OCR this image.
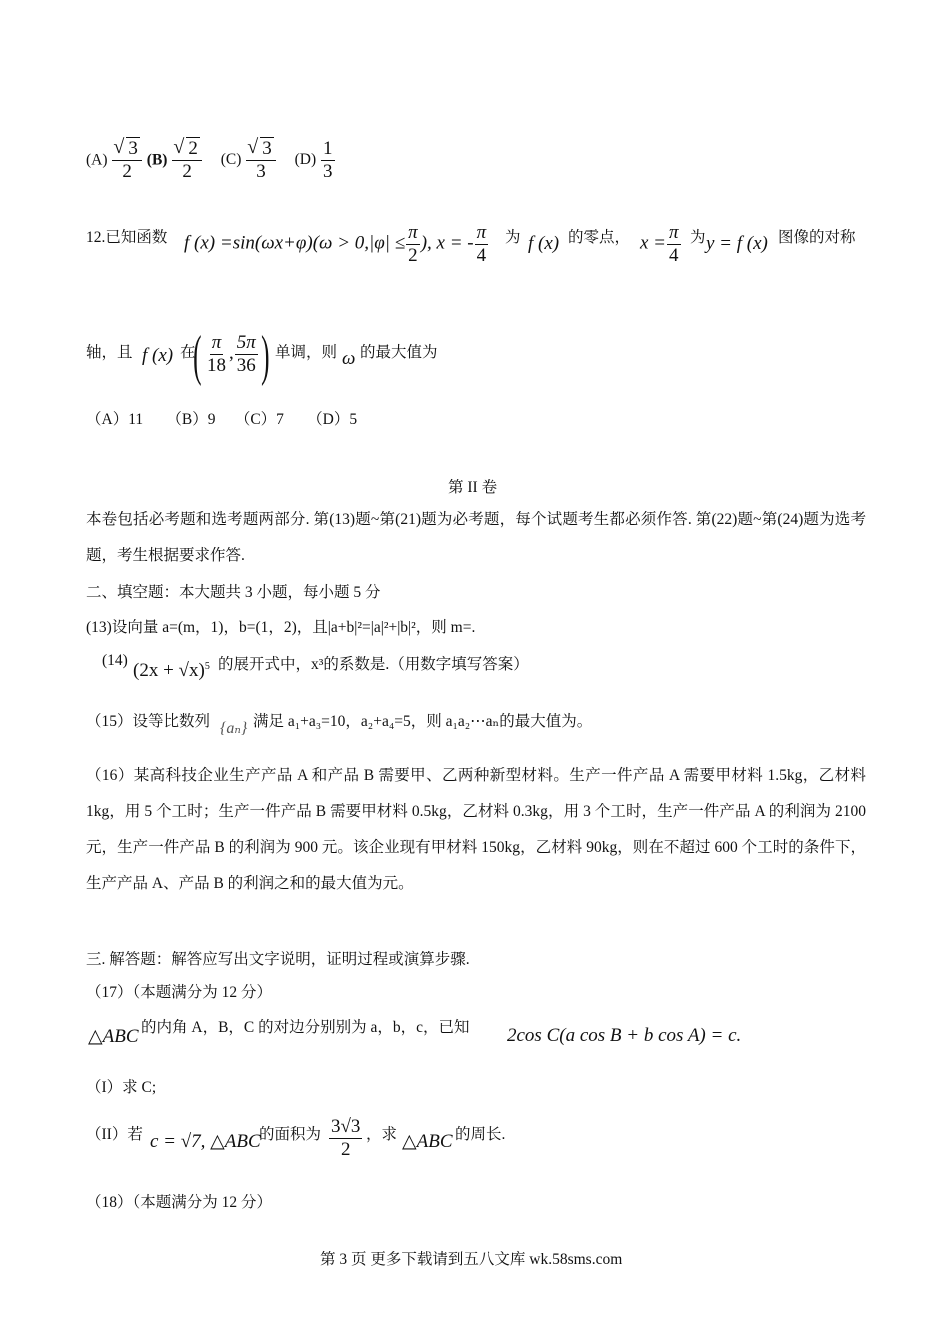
(A) √ $\frac{3}{2} (B)$ √ $\frac{2}{2} (C)$ √ $\frac{3}{3} (D) \frac{1}{3}$
12.已知函数 f $(x) =\sin(\omega x+\varphi)(\omega > 0,|\varphi| \le \frac{\pi}{2}$ ), x = - $\frac{\pi}{4}$ 为 f (x) 的零点， $x = \frac{\pi}{4}$ 为 y = f (x) 图像的对称
轴，且 f (x) 在
( $\frac{\pi}{18}$ , $\frac{5\pi}{36}$ ) 单调，则 ω 的最大值为
（A）11　　（B）9　 （C）7　　（D）5
第 II 卷
本卷包括必考题和选考题两部分. 第(13)题~第(21)题为必考题，每个试题考生都必须作答. 第(22)题~第(24)题为选考题，考生根据要求作答.
二、填空题：本大题共 3 小题，每小题 5 分
(13)设向量 a=(m，1)，b=(1，2)，且|a+b|²=|a|²+|b|²，则 m=.
(14) $(2x + √x)^5$ 的展开式中，x³的系数是.（用数字填写答案）
（15）设等比数列 {aₙ} 满足 a₁+a₃=10，a₂+a₄=5，则 a₁a₂⋯aₙ的最大值为。
（16）某高科技企业生产产品 A 和产品 B 需要甲、乙两种新型材料。生产一件产品 A 需要甲材料 1.5kg，乙材料 1kg，用 5 个工时；生产一件产品 B 需要甲材料 0.5kg，乙材料 0.3kg，用 3 个工时，生产一件产品 A 的利润为 2100 元，生产一件产品 B 的利润为 900 元。该企业现有甲材料 150kg，乙材料 90kg，则在不超过 600 个工时的条件下，生产产品 A、产品 B 的利润之和的最大值为元。
三. 解答题：解答应写出文字说明，证明过程或演算步骤.
（17）（本题满分为 12 分）
△ABC 的内角 A，B，C 的对边分别别为 a，b，c，已知 2cos C(a cos B + b cos A) = c.
（I）求 C;
（II）若 c = √7, △ABC
的面积为 $\frac{3√3}{2}$ ，求 △ABC 的周长.
（18）（本题满分为 12 分）
第 3 页 更多下载请到五八文库 wk.58sms.com
